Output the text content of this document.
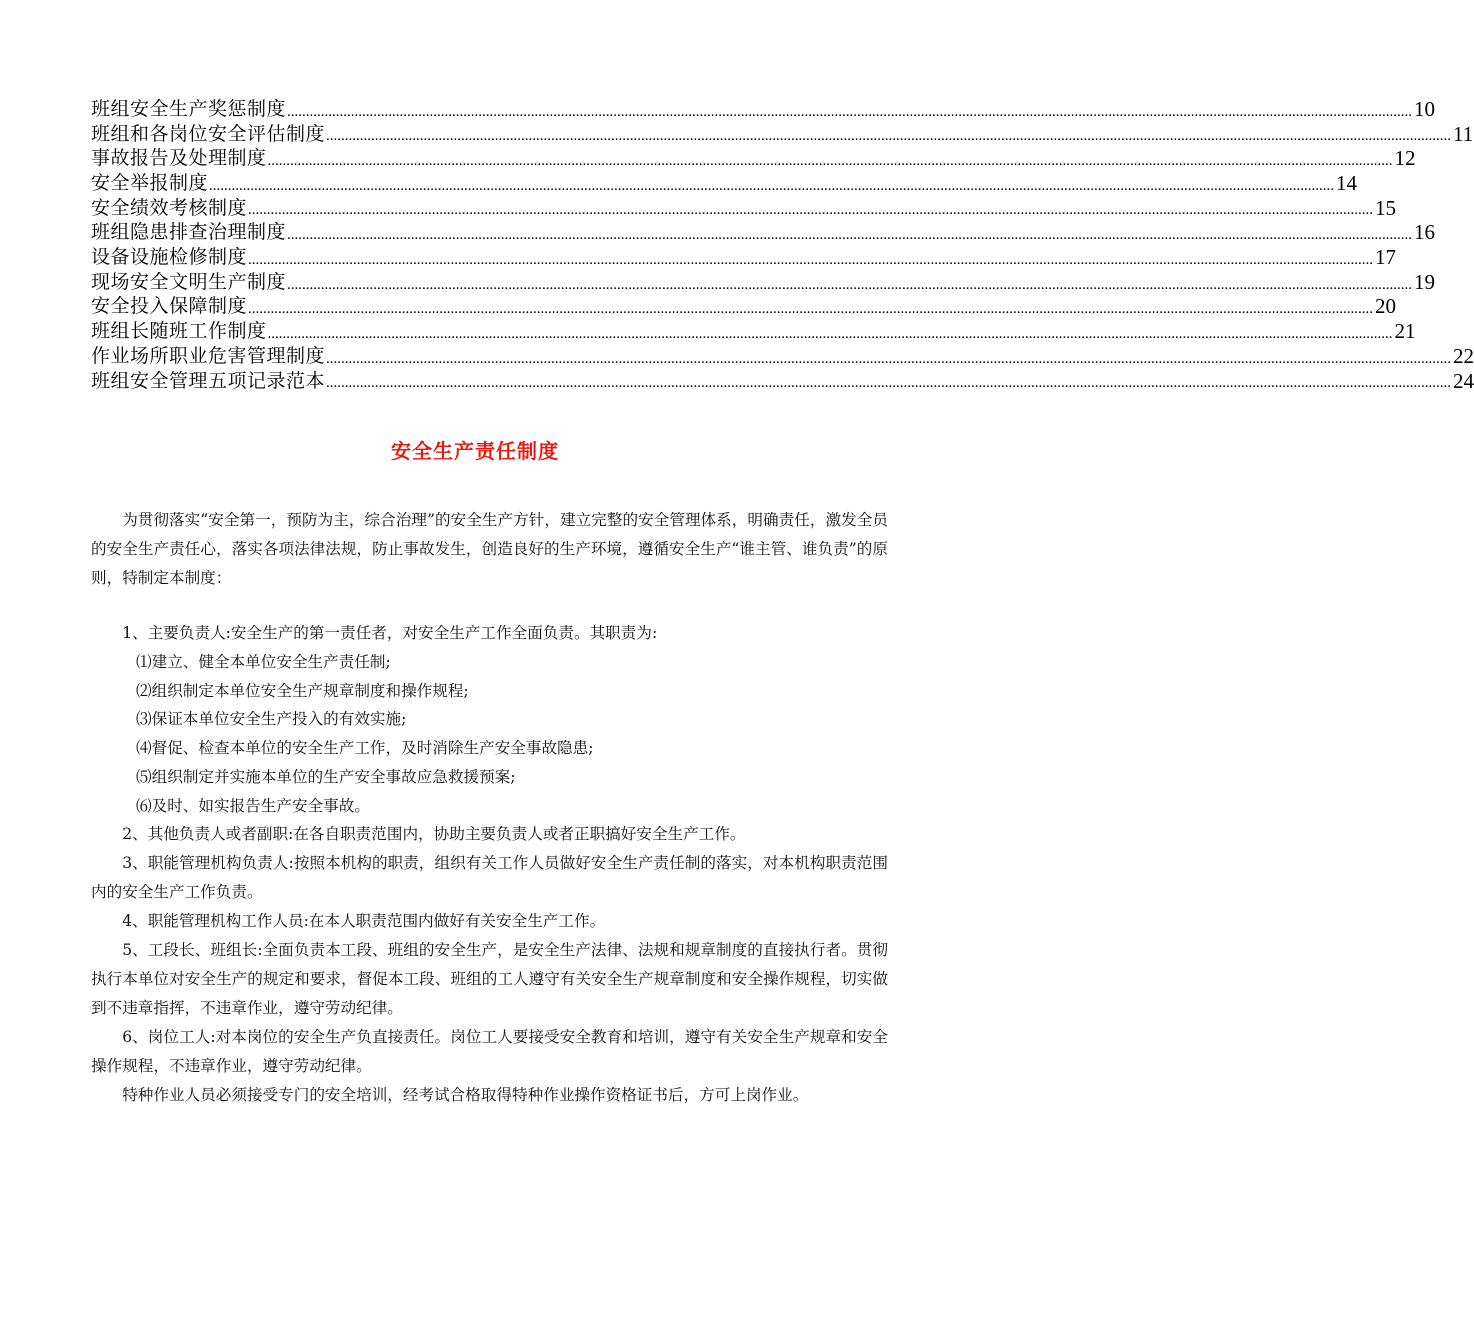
班组安全生产奖惩制度 ............................................................................................................................................................................................................................................................................................................ 10
班组和各岗位安全评估制度 ............................................................................................................................................................................................................................................................................................................ 11
事故报告及处理制度 ............................................................................................................................................................................................................................................................................................................ 12
安全举报制度 ............................................................................................................................................................................................................................................................................................................ 14
安全绩效考核制度 ............................................................................................................................................................................................................................................................................................................ 15
班组隐患排查治理制度 ............................................................................................................................................................................................................................................................................................................ 16
设备设施检修制度 ............................................................................................................................................................................................................................................................................................................ 17
现场安全文明生产制度 ............................................................................................................................................................................................................................................................................................................ 19
安全投入保障制度 ............................................................................................................................................................................................................................................................................................................ 20
班组长随班工作制度 ............................................................................................................................................................................................................................................................................................................ 21
作业场所职业危害管理制度 ............................................................................................................................................................................................................................................................................................................ 22
班组安全管理五项记录范本 ............................................................................................................................................................................................................................................................................................................ 24
安全生产责任制度

为贯彻落实“安全第一，预防为主，综合治理”的安全生产方针，建立完整的安全管理体系，明确责任，激发全员的安全生产责任心，落实各项法律法规，防止事故发生，创造良好的生产环境，遵循安全生产“谁主管、谁负责”的原则，特制定本制度：

1、主要负责人:安全生产的第一责任者，对安全生产工作全面负责。其职责为:

⑴建立、健全本单位安全生产责任制;

⑵组织制定本单位安全生产规章制度和操作规程;

⑶保证本单位安全生产投入的有效实施;

⑷督促、检查本单位的安全生产工作，及时消除生产安全事故隐患;

⑸组织制定并实施本单位的生产安全事故应急救援预案;

⑹及时、如实报告生产安全事故。

2、其他负责人或者副职:在各自职责范围内，协助主要负责人或者正职搞好安全生产工作。

3、职能管理机构负责人:按照本机构的职责，组织有关工作人员做好安全生产责任制的落实，对本机构职责范围内的安全生产工作负责。

4、职能管理机构工作人员:在本人职责范围内做好有关安全生产工作。

5、工段长、班组长:全面负责本工段、班组的安全生产，是安全生产法律、法规和规章制度的直接执行者。贯彻执行本单位对安全生产的规定和要求，督促本工段、班组的工人遵守有关安全生产规章制度和安全操作规程，切实做到不违章指挥，不违章作业，遵守劳动纪律。

6、岗位工人:对本岗位的安全生产负直接责任。岗位工人要接受安全教育和培训，遵守有关安全生产规章和安全操作规程，不违章作业，遵守劳动纪律。

特种作业人员必须接受专门的安全培训，经考试合格取得特种作业操作资格证书后，方可上岗作业。
